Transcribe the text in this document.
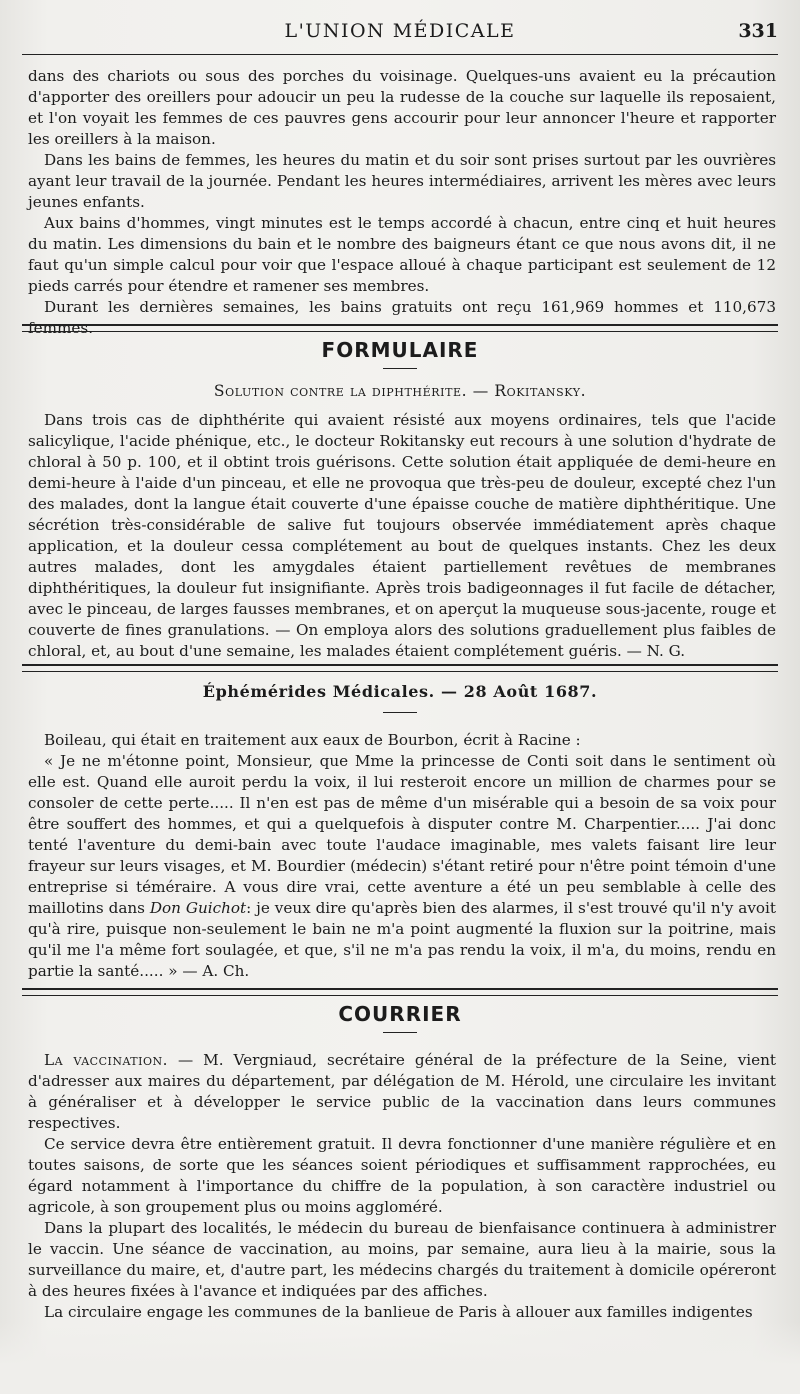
L'UNION MÉDICALE	331

dans des chariots ou sous des porches du voisinage. Quelques-uns avaient eu la précaution d'apporter des oreillers pour adoucir un peu la rudesse de la couche sur laquelle ils reposaient, et l'on voyait les femmes de ces pauvres gens accourir pour leur annoncer l'heure et rapporter les oreillers à la maison.

Dans les bains de femmes, les heures du matin et du soir sont prises surtout par les ouvrières ayant leur travail de la journée. Pendant les heures intermédiaires, arrivent les mères avec leurs jeunes enfants.

Aux bains d'hommes, vingt minutes est le temps accordé à chacun, entre cinq et huit heures du matin. Les dimensions du bain et le nombre des baigneurs étant ce que nous avons dit, il ne faut qu'un simple calcul pour voir que l'espace alloué à chaque participant est seulement de 12 pieds carrés pour étendre et ramener ses membres.

Durant les dernières semaines, les bains gratuits ont reçu 161,969 hommes et 110,673 femmes.

FORMULAIRE
Solution contre la diphthérite. — Rokitansky.

Dans trois cas de diphthérite qui avaient résisté aux moyens ordinaires, tels que l'acide salicylique, l'acide phénique, etc., le docteur Rokitansky eut recours à une solution d'hydrate de chloral à 50 p. 100, et il obtint trois guérisons. Cette solution était appliquée de demi-heure en demi-heure à l'aide d'un pinceau, et elle ne provoqua que très-peu de douleur, excepté chez l'un des malades, dont la langue était couverte d'une épaisse couche de matière diphthéritique. Une sécrétion très-considérable de salive fut toujours observée immédiatement après chaque application, et la douleur cessa complétement au bout de quelques instants. Chez les deux autres malades, dont les amygdales étaient partiellement revêtues de membranes diphthéritiques, la douleur fut insignifiante. Après trois badigeonnages il fut facile de détacher, avec le pinceau, de larges fausses membranes, et on aperçut la muqueuse sous-jacente, rouge et couverte de fines granulations. — On employa alors des solutions graduellement plus faibles de chloral, et, au bout d'une semaine, les malades étaient complétement guéris. — N. G.

Éphémérides Médicales. — 28 Août 1687.

Boileau, qui était en traitement aux eaux de Bourbon, écrit à Racine :

« Je ne m'étonne point, Monsieur, que Mme la princesse de Conti soit dans le sentiment où elle est. Quand elle auroit perdu la voix, il lui resteroit encore un million de charmes pour se consoler de cette perte..... Il n'en est pas de même d'un misérable qui a besoin de sa voix pour être souffert des hommes, et qui a quelquefois à disputer contre M. Charpentier..... J'ai donc tenté l'aventure du demi-bain avec toute l'audace imaginable, mes valets faisant lire leur frayeur sur leurs visages, et M. Bourdier (médecin) s'étant retiré pour n'être point témoin d'une entreprise si téméraire. A vous dire vrai, cette aventure a été un peu semblable à celle des maillotins dans Don Guichot: je veux dire qu'après bien des alarmes, il s'est trouvé qu'il n'y avoit qu'à rire, puisque non-seulement le bain ne m'a point augmenté la fluxion sur la poitrine, mais qu'il me l'a même fort soulagée, et que, s'il ne m'a pas rendu la voix, il m'a, du moins, rendu en partie la santé..... » — A. Ch.

COURRIER

La vaccination. — M. Vergniaud, secrétaire général de la préfecture de la Seine, vient d'adresser aux maires du département, par délégation de M. Hérold, une circulaire les invitant à généraliser et à développer le service public de la vaccination dans leurs communes respectives.

Ce service devra être entièrement gratuit. Il devra fonctionner d'une manière régulière et en toutes saisons, de sorte que les séances soient périodiques et suffisamment rapprochées, eu égard notamment à l'importance du chiffre de la population, à son caractère industriel ou agricole, à son groupement plus ou moins aggloméré.

Dans la plupart des localités, le médecin du bureau de bienfaisance continuera à administrer le vaccin. Une séance de vaccination, au moins, par semaine, aura lieu à la mairie, sous la surveillance du maire, et, d'autre part, les médecins chargés du traitement à domicile opéreront à des heures fixées à l'avance et indiquées par des affiches.

La circulaire engage les communes de la banlieue de Paris à allouer aux familles indigentes
